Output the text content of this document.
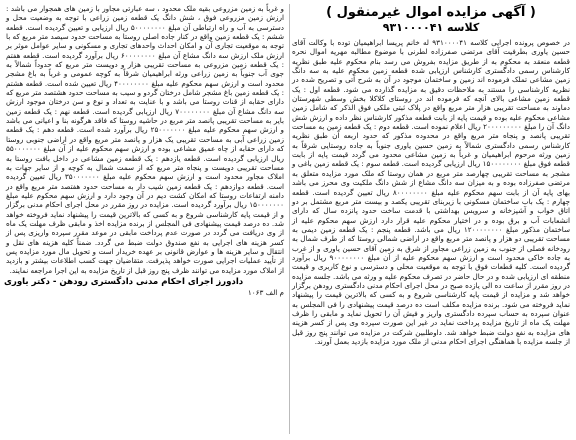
( آگهی مزایده اموال غیرمنقول )
کلاسه ۹۳۱۰۰۰۰۴۱

در خصوص پرونده اجرایی کلاسه ۹۳۱۰۰۰۰۴۱ له خانم پریسا ابراهیمیان توده با وکالت آقای حسین یاوری بطرفیت آقای مرتضی صفرزاده لطرنی با موضوع مطالبه مهریه اموال نحره قطعه منعقد به محکوم به از طریق مزایده بفروش می رسد بنام محکوم علیه طبق نظریه کارشناس رسمی دادگستری کارشناس ارزیابی شده قطعه زمین محکوم علیه به سه دانگ زمین مشاعی تملک فرموده اند زمین و ساختمان موجود در آن به شرح آتی و تصریح شده در نظریه کارشناسی را مستند به ملاحظات دقیق به مزایده گذارده می شود. قطعه اول : یک قطعه زمین مشاعی بالای آنچه که فرموده اند در روستای کلاکلا بخش وسطی شهرستان دماوند به مساحت تقریبی هزار متر مربع واقع در پلاک ثبتی ملکی فوق الذکر که شامل زمین مشاعی محکوم علیه بوده و قیمت پایه از بابت قطعه مذکور کارشناس نظر داده و ارزش شش دانگ آن را مبلغ ۲۰۰۰۰۰۰۰۰۰ ریال اعلام نموده است. قطعه دوم : یک قطعه زمین به مساحت تقریبی پانصد و پنجاه متر مربع واقع در محدوده مذکور که حدود اربعه آن طبق نظریه کارشناس رسمی دادگستری شمالاً به زمین حسین یاوری جنوباً به جاده روستایی شرقاً به زمین ورثه مرحوم ابراهیمیان و غرباً به زمین مشاعی محدود می گردد قیمت پایه از بابت قطعه فوق مبلغ ۱۵۰۰۰۰۰۰۰۰ ریال ارزیابی گردیده است. قطعه سوم : یک قطعه زمین باغی و مشجر به مساحت تقریبی چهارصد متر مربع در همان روستا که ملک مورد مزایده متعلق به مرتضی صفرزاده بوده و به میزان سه دانگ مشاع از شش دانگ ملکیت وی محرز می باشد بهای پایه آن از بابت سهم محکوم علیه مبلغ ۸۰۰۰۰۰۰۰۰ ریال تعیین گردیده است. قطعه چهارم : یک باب ساختمان مسکونی با زیربنای تقریبی یکصد و بیست متر مربع مشتمل بر دو اتاق خواب و آشپزخانه و سرویس بهداشتی با قدمت ساخت حدود پانزده سال که دارای انشعابات آب و برق بوده و در اختیار محکوم علیه قرار دارد ارزش سهم محکوم علیه از ساختمان مذکور مبلغ ۱۲۰۰۰۰۰۰۰۰ ریال می باشد. قطعه پنجم : یک قطعه زمین دیمی به مساحت تقریبی دو هزار و پانصد متر مربع واقع در اراضی شمالی روستا که از طرف شمال به رودخانه فصلی از جنوب به زمین زراعی مجاور از شرق به زمین آقای حسین یاوری و از غرب به جاده خاکی محدود است و ارزش سهم محکوم علیه از آن مبلغ ۹۰۰۰۰۰۰۰۰ ریال برآورد گردیده است. کلیه قطعات فوق با توجه به موقعیت محلی و دسترسی و نوع کاربری و قیمت منطقه ای ارزیابی شده و در حال حاضر در تصرف محکوم علیه و ورثه می باشد. جلسه مزایده در روز مقرر از ساعت ده الی یازده صبح در محل اجرای احکام مدنی دادگستری رودهن برگزار خواهد شد و مزایده از قیمت پایه کارشناسی شروع و به کسی که بالاترین قیمت را پیشنهاد نماید فروخته می شود. برنده مزایده مکلف است ده درصد قیمت پیشنهادی را فی المجلس به عنوان سپرده به حساب سپرده دادگستری واریز و فیش آن را تحویل نماید و مابقی را ظرف مهلت یک ماه از تاریخ مزایده پرداخت نماید در غیر این صورت سپرده وی پس از کسر هزینه های مزایده به نفع دولت ضبط خواهد شد. داوطلبین شرکت در مزایده می توانند پنج روز قبل از جلسه مزایده با هماهنگی اجرای احکام مدنی از ملک مورد مزایده بازدید بعمل آورند.

و غرباً به زمین مزروعی بقیه ملک محدود ، سه عبارتی مجاور با زمین های همجوار می باشد : ارزش زمین مزروعی فوق ، شش دانگ یک قطعه زمین زراعی با توجه به وضعیت محل و دسترسی به آب و راه ارتباطی آن مبلغ ۵۰۰۰۰۰۰۰۰ ریال ارزیابی و تعیین گردیده است. قطعه ششم : یک قطعه زمین واقع در کنار جاده اصلی روستا به مساحت حدود سیصد متر مربع که با توجه به موقعیت تجاری آن و امکان احداث واحدهای تجاری و مسکونی و سایر عوامل موثر بر ارزش ملک ارزش سه دانگ مشاع آن مبلغ ۶۰۰۰۰۰۰۰۰ ریال برآورد گردیده است. قطعه هفتم : یک قطعه زمین مزروعی به مساحت تقریبی هزار و دویست متر مربع که حدوداً شمالاً به جوی آب جنوباً به زمین زراعی ورثه ابراهیمیان شرقاً به کوچه عمومی و غرباً به باغ مشجر محدود است و ارزش سهم محکوم علیه مبلغ ۴۰۰۰۰۰۰۰۰ ریال تعیین شده است. قطعه هشتم : یک قطعه زمین باغ مشجر شامل درختان گردو و سیب به مساحت حدود هشتصد متر مربع که دارای حقابه از قنات روستا می باشد و با عنایت به تعداد و نوع و سن درختان موجود ارزش سه دانگ مشاع آن مبلغ ۷۰۰۰۰۰۰۰۰ ریال ارزیابی گردیده است. قطعه نهم : یک قطعه زمین بایر به مساحت تقریبی پانصد متر مربع در حاشیه روستا که فاقد هرگونه بنا و اعیانی می باشد و ارزش سهم محکوم علیه مبلغ ۲۵۰۰۰۰۰۰۰ ریال برآورد شده است. قطعه دهم : یک قطعه زمین زراعی آبی به مساحت تقریبی یک هزار و پانصد متر مربع واقع در اراضی جنوبی روستا که دارای حقابه از چاه عمیق مشاعی بوده و ارزش سهم محکوم علیه از آن مبلغ ۵۵۰۰۰۰۰۰۰ ریال ارزیابی گردیده است. قطعه یازدهم : یک قطعه زمین مشاعی در داخل بافت روستا به مساحت تقریبی دویست و پنجاه متر مربع که از سمت شمال به کوچه و از سایر جهات به املاک مجاور محدود است و ارزش سهم محکوم علیه مبلغ ۳۵۰۰۰۰۰۰۰ ریال تعیین گردیده است. قطعه دوازدهم : یک قطعه زمین شیب دار به مساحت حدود هفتصد متر مربع واقع در دامنه ارتفاعات روستا که امکان کشت دیم در آن وجود دارد و ارزش سهم محکوم علیه مبلغ ۱۵۰۰۰۰۰۰۰ ریال برآورد گردیده است. مزایده در روز مقرر در محل اجرای احکام مدنی برگزار و از قیمت پایه کارشناسی شروع و به کسی که بالاترین قیمت را پیشنهاد نماید فروخته خواهد شد. ده درصد قیمت پیشنهادی فی المجلس از برنده مزایده اخذ و مابقی ظرف مهلت یک ماه از وی دریافت می گردد در صورت عدم پرداخت مابقی در موعد مقرر سپرده واریزی پس از کسر هزینه های اجرایی به نفع صندوق دولت ضبط می گردد. ضمناً کلیه هزینه های نقل و انتقال و سایر هزینه ها و عوارض قانونی بر عهده خریدار است و تحویل مال مورد مزایده پس از تأیید عملیات اجرایی صورت خواهد پذیرفت. متقاضیان جهت کسب اطلاعات بیشتر و بازدید از املاک مورد مزایده می توانند ظرف پنج روز قبل از تاریخ مزایده به این اجرا مراجعه نمایند.

دادورز اجرای احکام مدنی دادگستری رودهن - دکتر یاوری
م الف ۱۰۶۳
